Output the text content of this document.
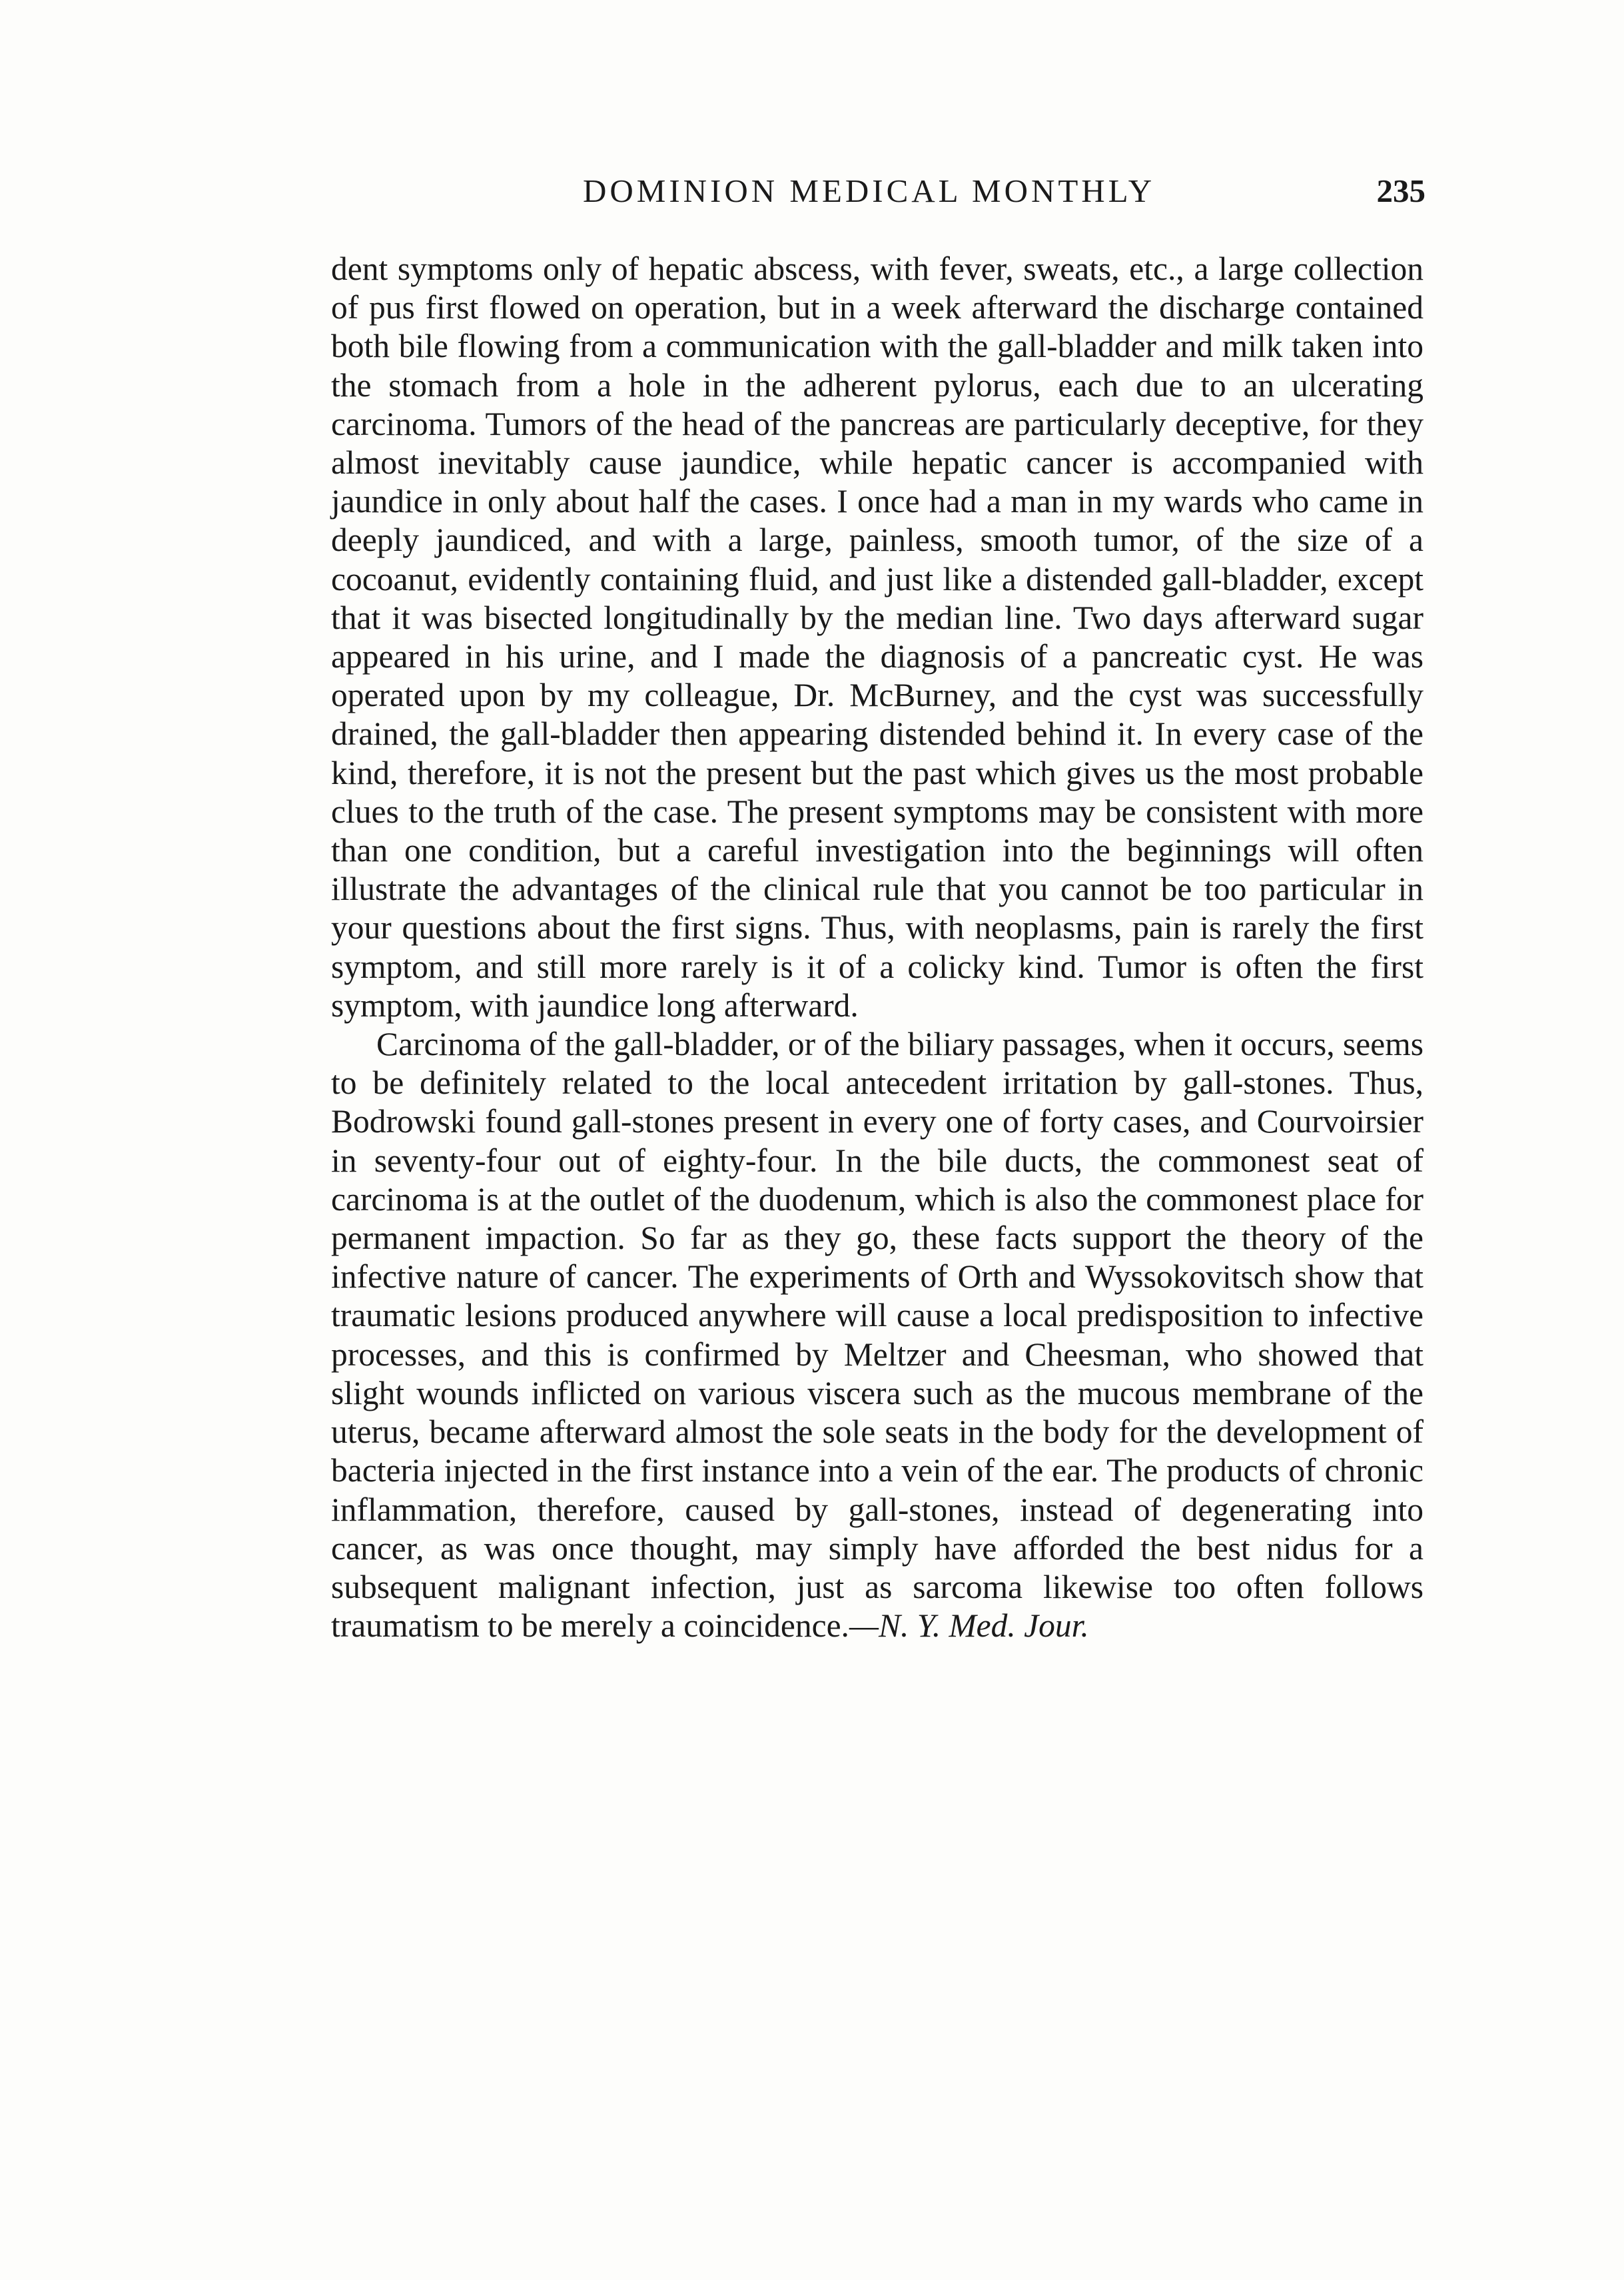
DOMINION MEDICAL MONTHLY	235

dent symptoms only of hepatic abscess, with fever, sweats, etc., a large collection of pus first flowed on operation, but in a week afterward the discharge contained both bile flowing from a communication with the gall-bladder and milk taken into the stomach from a hole in the adherent pylorus, each due to an ulcerating carcinoma. Tumors of the head of the pancreas are particularly deceptive, for they almost inevitably cause jaundice, while hepatic cancer is accompanied with jaundice in only about half the cases. I once had a man in my wards who came in deeply jaundiced, and with a large, painless, smooth tumor, of the size of a cocoanut, evidently containing fluid, and just like a distended gall-bladder, except that it was bisected longitudinally by the median line. Two days afterward sugar appeared in his urine, and I made the diagnosis of a pancreatic cyst. He was operated upon by my colleague, Dr. McBurney, and the cyst was successfully drained, the gall-bladder then appearing distended behind it. In every case of the kind, therefore, it is not the present but the past which gives us the most probable clues to the truth of the case. The present symptoms may be consistent with more than one condition, but a careful investigation into the beginnings will often illustrate the advantages of the clinical rule that you cannot be too particular in your questions about the first signs. Thus, with neoplasms, pain is rarely the first symptom, and still more rarely is it of a colicky kind. Tumor is often the first symptom, with jaundice long afterward.

Carcinoma of the gall-bladder, or of the biliary passages, when it occurs, seems to be definitely related to the local antecedent irritation by gall-stones. Thus, Bodrowski found gall-stones present in every one of forty cases, and Courvoirsier in seventy-four out of eighty-four. In the bile ducts, the commonest seat of carcinoma is at the outlet of the duodenum, which is also the commonest place for permanent impaction. So far as they go, these facts support the theory of the infective nature of cancer. The experiments of Orth and Wyssokovitsch show that traumatic lesions produced anywhere will cause a local predisposition to infective processes, and this is confirmed by Meltzer and Cheesman, who showed that slight wounds inflicted on various viscera such as the mucous membrane of the uterus, became afterward almost the sole seats in the body for the development of bacteria injected in the first instance into a vein of the ear. The products of chronic inflammation, therefore, caused by gall-stones, instead of degenerating into cancer, as was once thought, may simply have afforded the best nidus for a subsequent malignant infection, just as sarcoma likewise too often follows traumatism to be merely a coincidence.—N. Y. Med. Jour.
